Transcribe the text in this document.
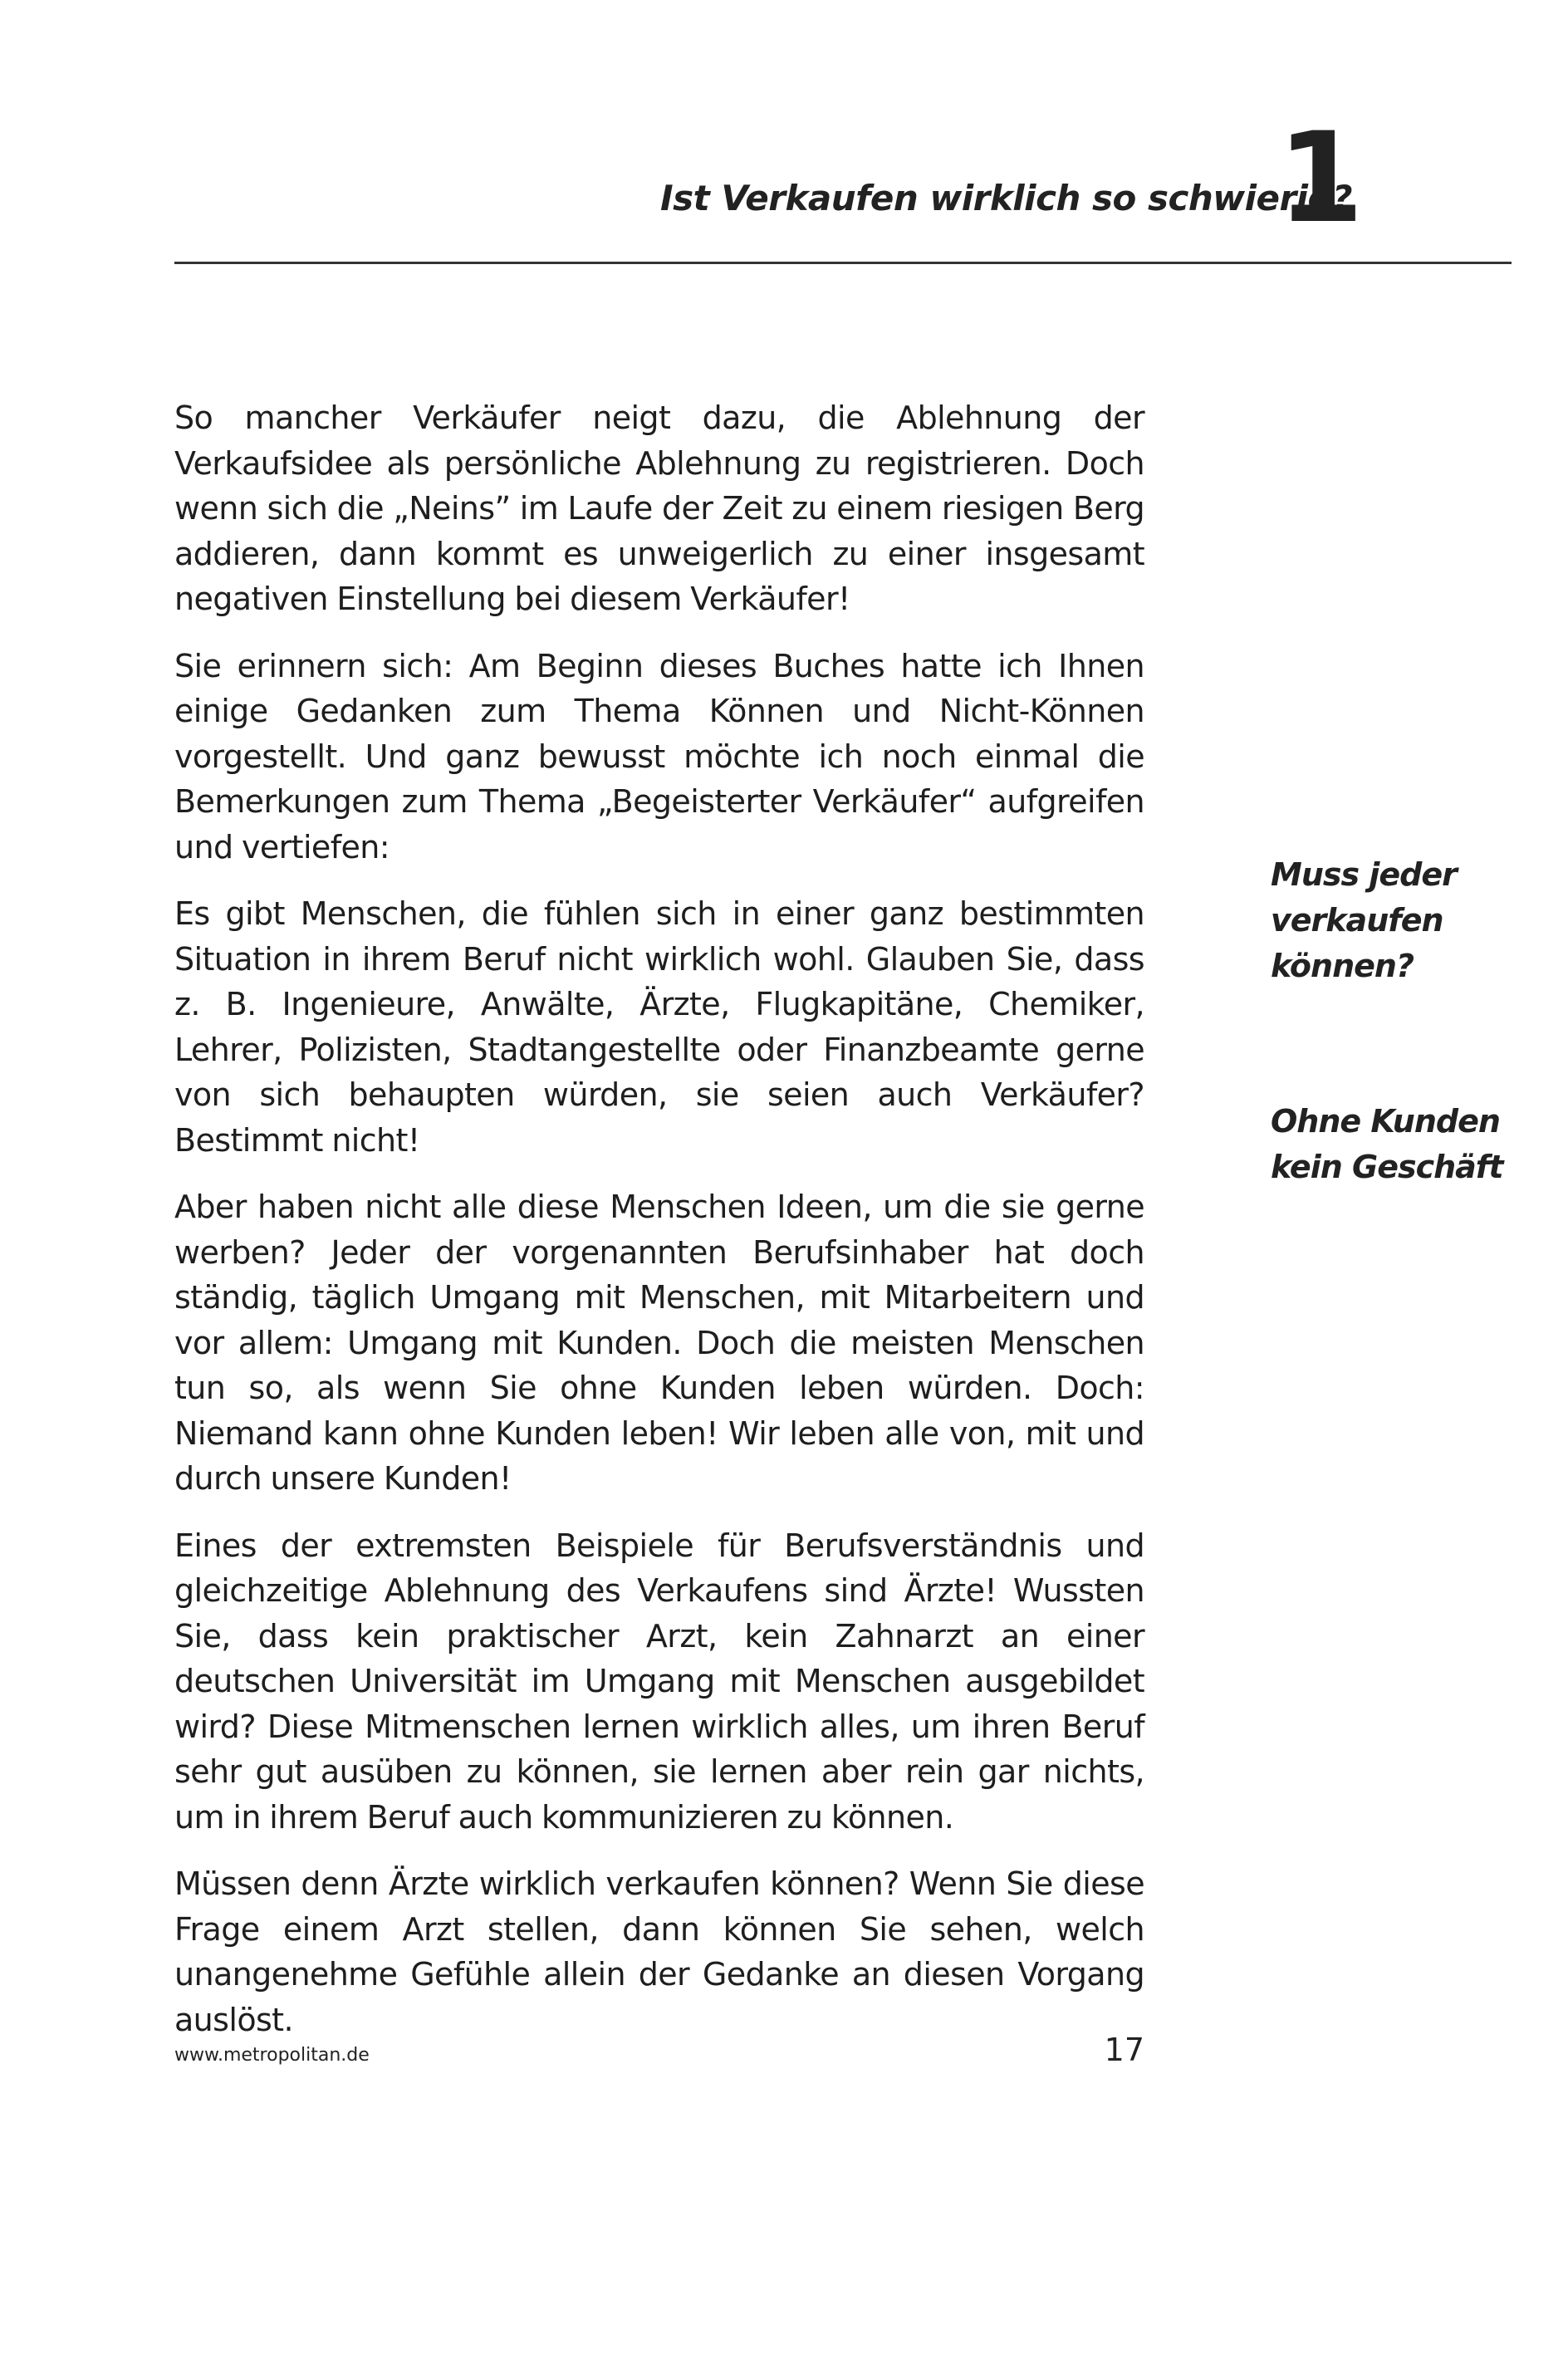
Ist Verkaufen wirklich so schwierig?
1

So mancher Verkäufer neigt dazu, die Ablehnung der Verkaufsidee als persönliche Ablehnung zu registrieren. Doch wenn sich die „Neins” im Laufe der Zeit zu einem riesigen Berg addieren, dann kommt es unweigerlich zu einer insgesamt negativen Einstellung bei diesem Verkäufer!

Sie erinnern sich: Am Beginn dieses Buches hatte ich Ihnen einige Gedanken zum Thema Können und Nicht-Können vorgestellt. Und ganz bewusst möchte ich noch einmal die Bemerkungen zum Thema „Begeisterter Verkäufer“ aufgreifen und vertiefen:

Es gibt Menschen, die fühlen sich in einer ganz bestimmten Situation in ihrem Beruf nicht wirklich wohl. Glauben Sie, dass z. B. Ingenieure, Anwälte, Ärzte, Flugkapitäne, Chemiker, Lehrer, Polizisten, Stadtangestellte oder Finanzbeamte gerne von sich behaupten würden, sie seien auch Verkäufer? Bestimmt nicht!

Aber haben nicht alle diese Menschen Ideen, um die sie gerne werben? Jeder der vorgenannten Berufsinhaber hat doch ständig, täglich Umgang mit Menschen, mit Mitarbeitern und vor allem: Umgang mit Kunden. Doch die meisten Menschen tun so, als wenn Sie ohne Kunden leben würden. Doch: Niemand kann ohne Kunden leben! Wir leben alle von, mit und durch unsere Kunden!

Eines der extremsten Beispiele für Berufsverständnis und gleichzeitige Ablehnung des Verkaufens sind Ärzte! Wussten Sie, dass kein praktischer Arzt, kein Zahnarzt an einer deutschen Universität im Umgang mit Menschen ausgebildet wird? Diese Mitmenschen lernen wirklich alles, um ihren Beruf sehr gut ausüben zu können, sie lernen aber rein gar nichts, um in ihrem Beruf auch kommunizieren zu können.

Müssen denn Ärzte wirklich verkaufen können? Wenn Sie diese Frage einem Arzt stellen, dann können Sie sehen, welch unangenehme Gefühle allein der Gedanke an diesen Vorgang auslöst.

Muss jeder
verkaufen
können?
Ohne Kunden
kein Geschäft
www.metropolitan.de	17
